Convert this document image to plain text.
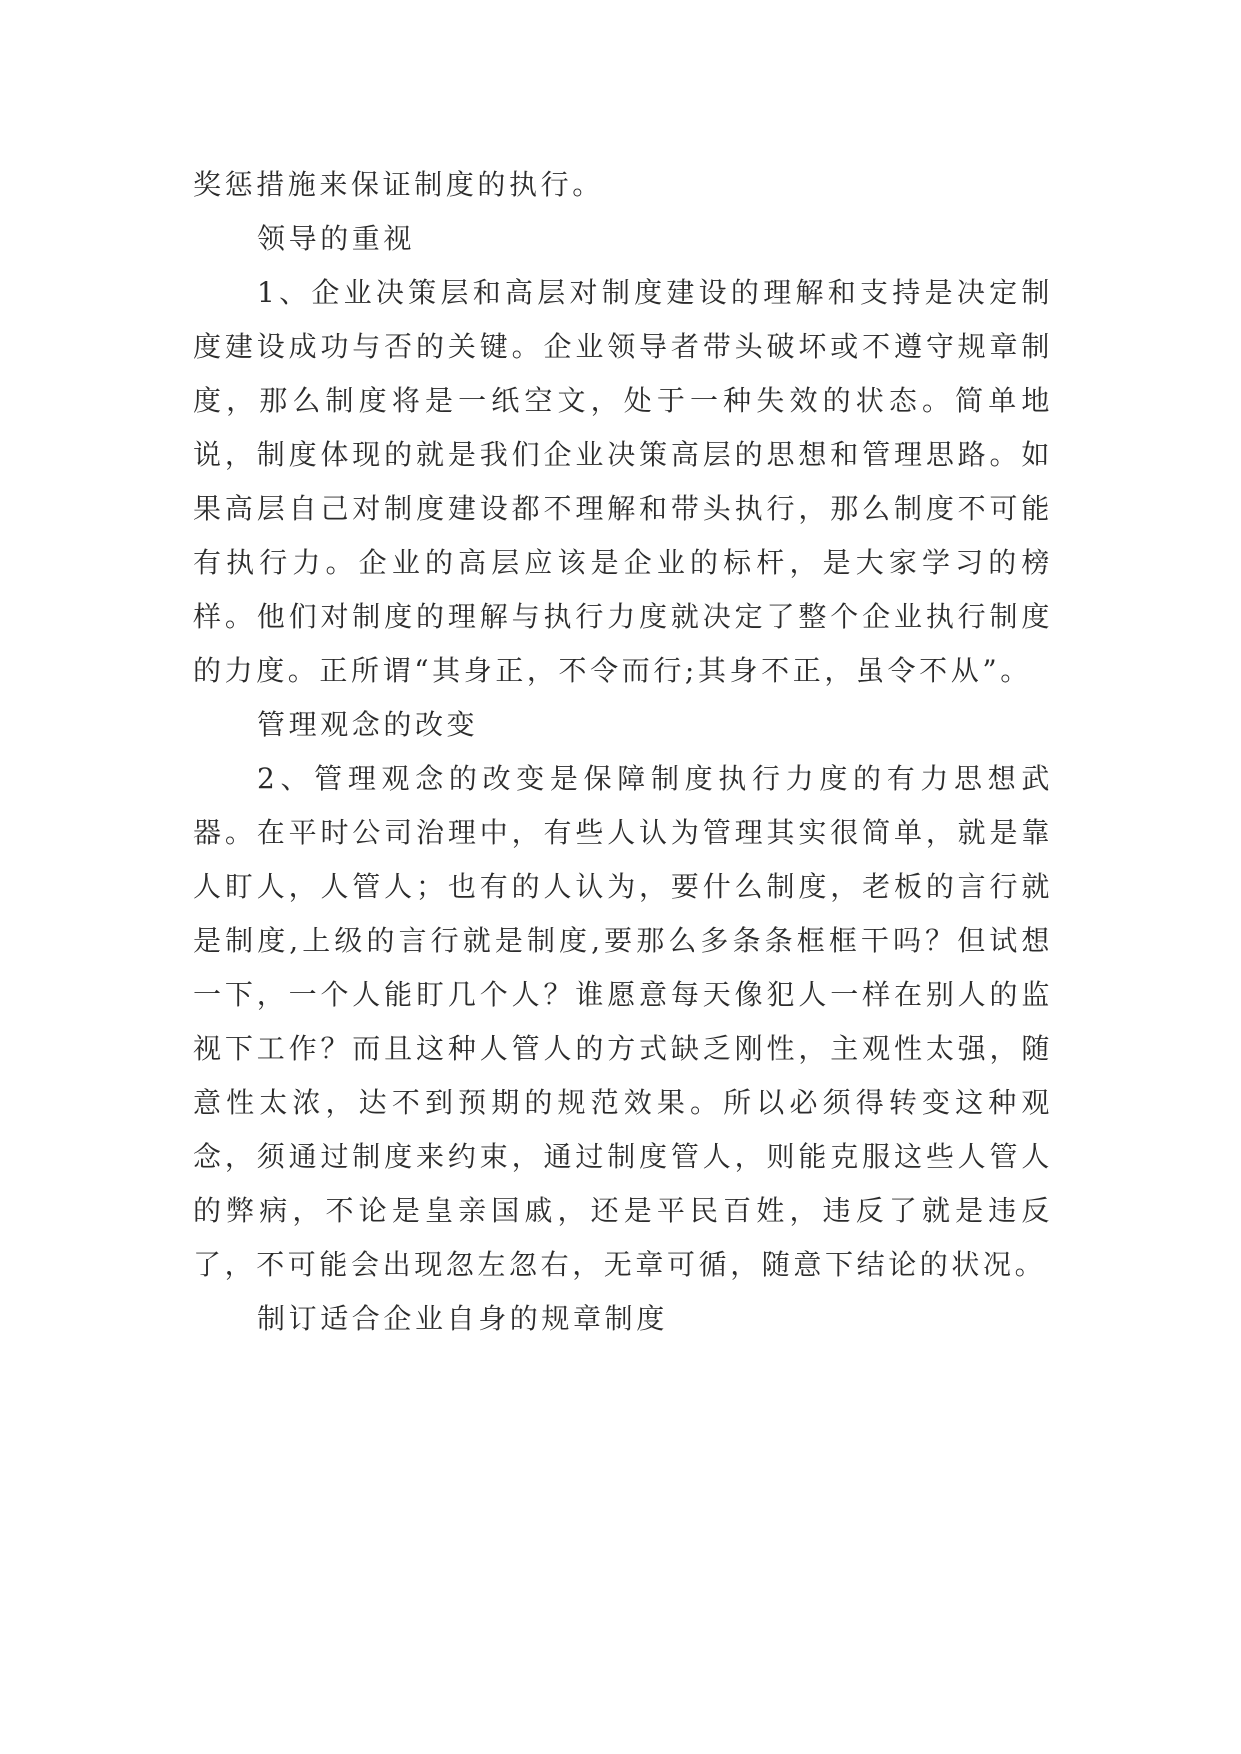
奖惩措施来保证制度的执行。

领导的重视

1、企业决策层和高层对制度建设的理解和支持是决定制度建设成功与否的关键。企业领导者带头破坏或不遵守规章制度，那么制度将是一纸空文，处于一种失效的状态。简单地说，制度体现的就是我们企业决策高层的思想和管理思路。如果高层自己对制度建设都不理解和带头执行，那么制度不可能有执行力。企业的高层应该是企业的标杆，是大家学习的榜样。他们对制度的理解与执行力度就决定了整个企业执行制度的力度。正所谓“其身正，不令而行;其身不正，虽令不从”。

管理观念的改变

2、管理观念的改变是保障制度执行力度的有力思想武器。在平时公司治理中，有些人认为管理其实很简单，就是靠人盯人，人管人；也有的人认为，要什么制度，老板的言行就是制度,上级的言行就是制度,要那么多条条框框干吗？但试想一下，一个人能盯几个人？谁愿意每天像犯人一样在别人的监视下工作？而且这种人管人的方式缺乏刚性，主观性太强，随意性太浓，达不到预期的规范效果。所以必须得转变这种观念，须通过制度来约束，通过制度管人，则能克服这些人管人的弊病，不论是皇亲国戚，还是平民百姓，违反了就是违反了，不可能会出现忽左忽右，无章可循，随意下结论的状况。

制订适合企业自身的规章制度
